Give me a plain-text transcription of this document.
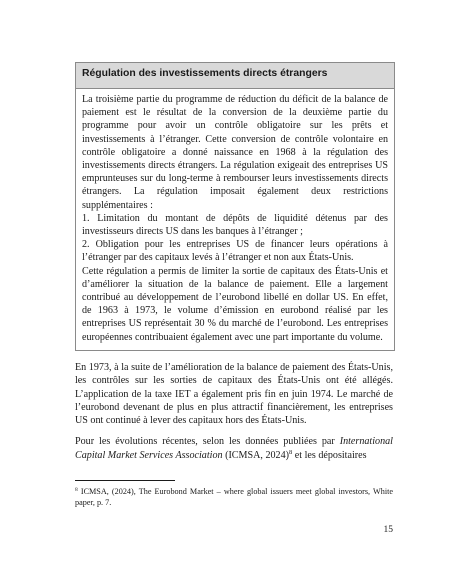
Régulation des investissements directs étrangers

La troisième partie du programme de réduction du déficit de la balance de paiement est le résultat de la conversion de la deuxième partie du programme pour avoir un contrôle obligatoire sur les prêts et investissements à l’étranger. Cette conversion de contrôle volontaire en contrôle obligatoire a donné naissance en 1968 à la régulation des investissements directs étrangers. La régulation exigeait des entreprises US emprunteuses sur du long-terme à rembourser leurs investissements directs étrangers. La régulation imposait également deux restrictions supplémentaires :

1. Limitation du montant de dépôts de liquidité détenus par des investisseurs directs US dans les banques à l’étranger ;

2. Obligation pour les entreprises US de financer leurs opérations à l’étranger par des capitaux levés à l’étranger et non aux États-Unis.

Cette régulation a permis de limiter la sortie de capitaux des États-Unis et d’améliorer la situation de la balance de paiement. Elle a largement contribué au développement de l’eurobond libellé en dollar US. En effet, de 1963 à 1973, le volume d’émission en eurobond réalisé par les entreprises US représentait 30 % du marché de l’eurobond. Les entreprises européennes contribuaient également avec une part importante du volume.

En 1973, à la suite de l’amélioration de la balance de paiement des États-Unis, les contrôles sur les sorties de capitaux des États-Unis ont été allégés. L’application de la taxe IET a également pris fin en juin 1974. Le marché de l’eurobond devenant de plus en plus attractif financièrement, les entreprises US ont continué à lever des capitaux hors des États-Unis.

Pour les évolutions récentes, selon les données publiées par International Capital Market Services Association (ICMSA, 2024)$^8$ et les dépositaires

$^8$ ICMSA, (2024), The Eurobond Market – where global issuers meet global investors, White paper, p. 7.
15
